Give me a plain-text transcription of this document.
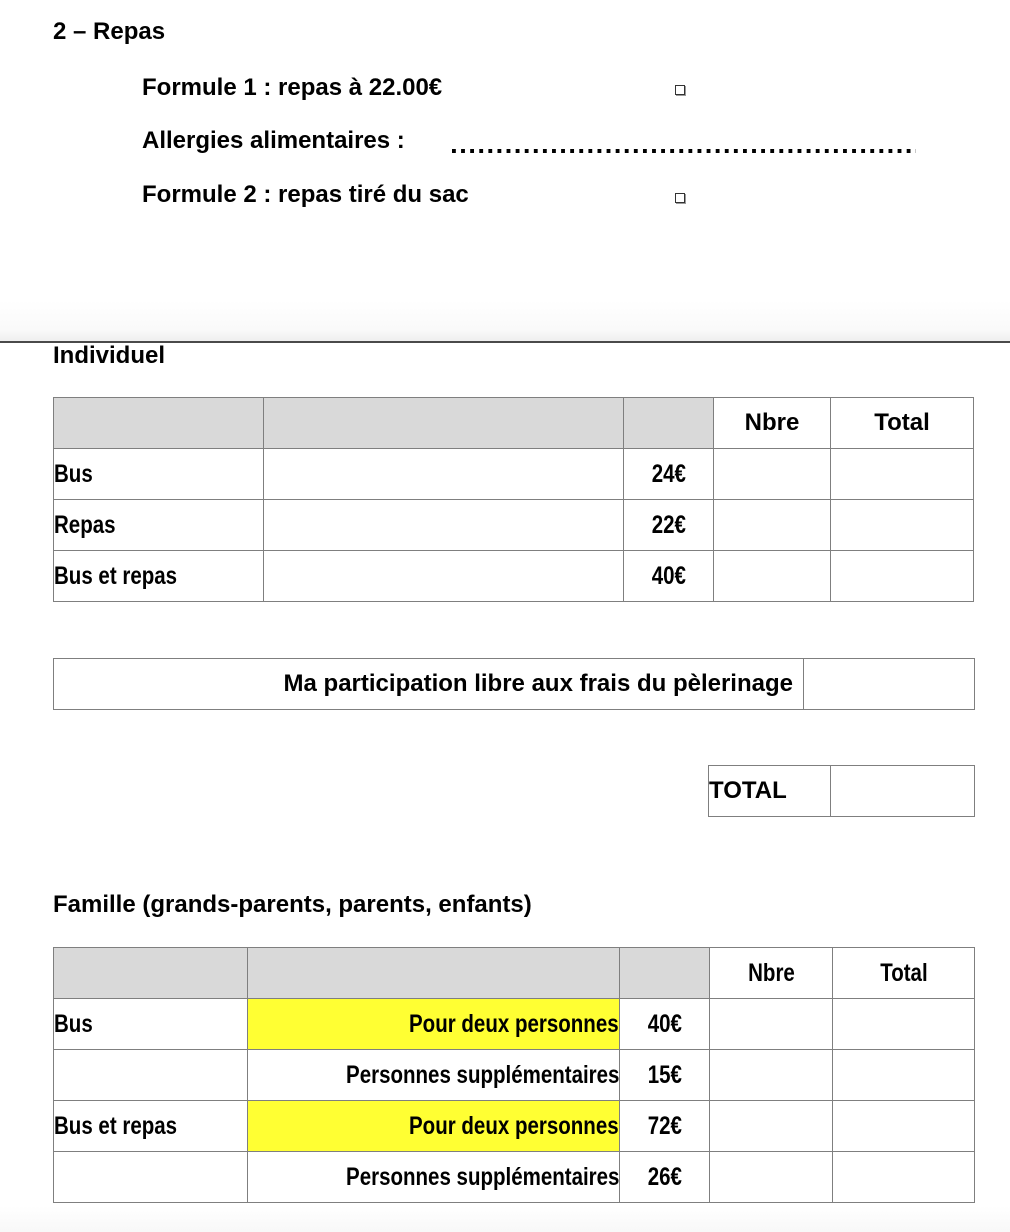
2 – Repas
Formule 1 : repas à 22.00€
Allergies alimentaires :
Formule 2 : repas tiré du sac
Individuel
			Nbre	Total
Bus		24€		
Repas		22€		
Bus et repas		40€		
Ma participation libre aux frais du pèlerinage	
TOTAL	
Famille (grands-parents, parents, enfants)
			Nbre	Total
Bus	Pour deux personnes	40€		
	Personnes supplémentaires	15€		
Bus et repas	Pour deux personnes	72€		
	Personnes supplémentaires	26€		
